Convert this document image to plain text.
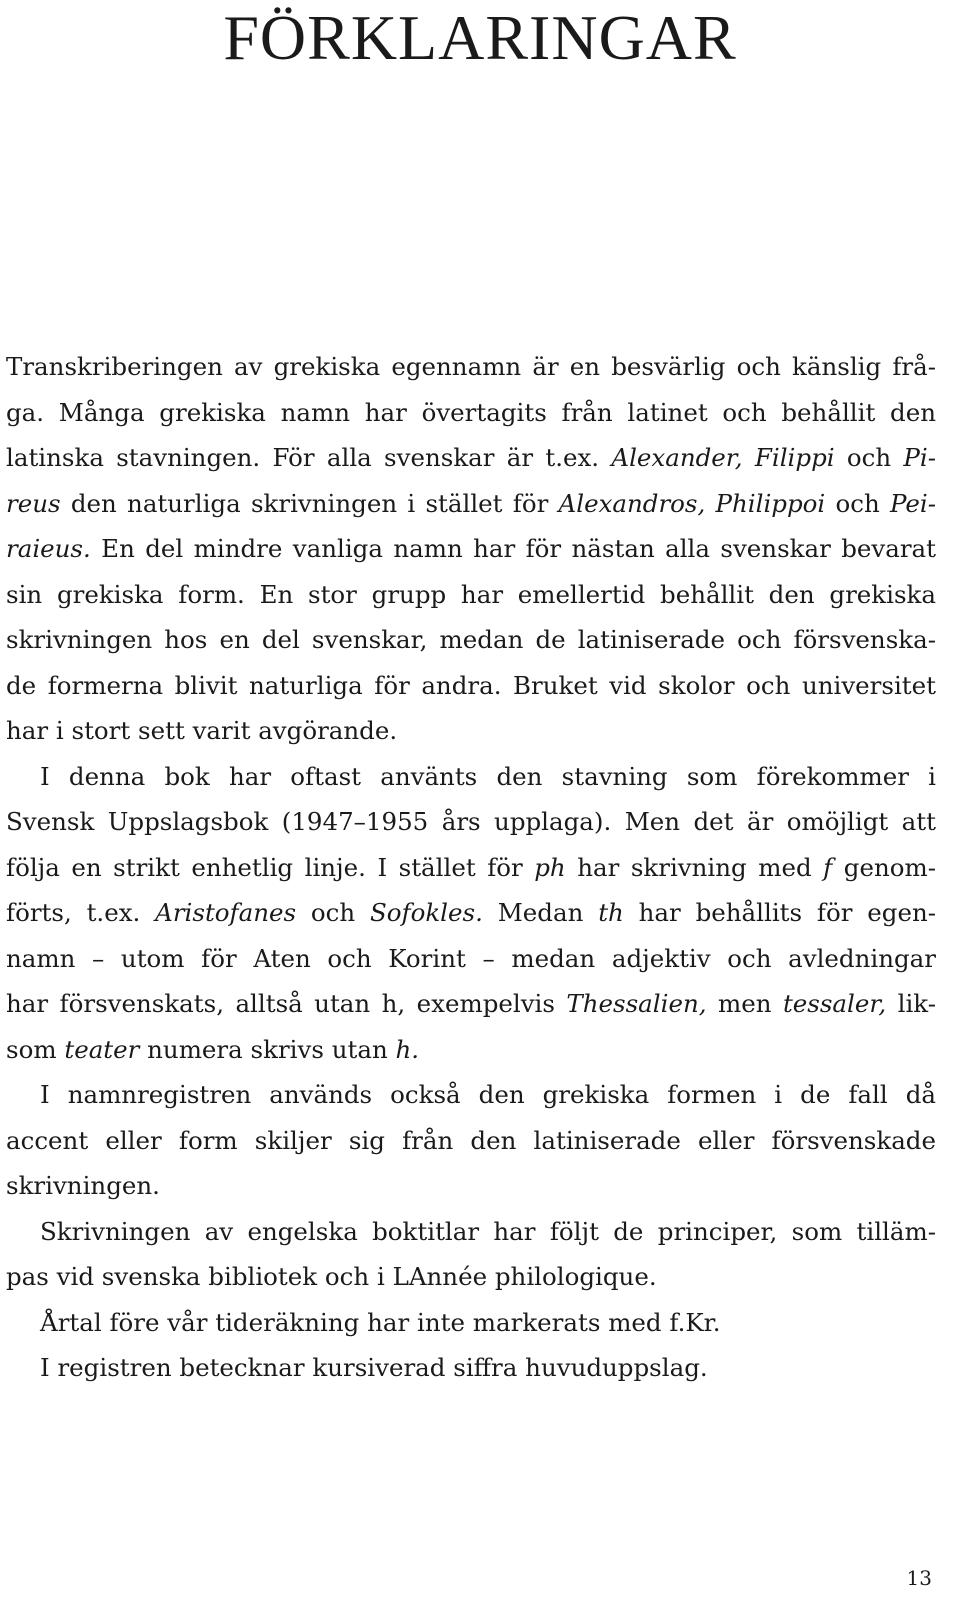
FÖRKLARINGAR
Transkriberingen av grekiska egennamn är en besvärlig och känslig frå-
ga. Många grekiska namn har övertagits från latinet och behållit den
latinska stavningen. För alla svenskar är t.ex. Alexander, Filippi och Pi-
reus den naturliga skrivningen i stället för Alexandros, Philippoi och Pei-
raieus. En del mindre vanliga namn har för nästan alla svenskar bevarat
sin grekiska form. En stor grupp har emellertid behållit den grekiska
skrivningen hos en del svenskar, medan de latiniserade och försvenska-
de formerna blivit naturliga för andra. Bruket vid skolor och universitet
har i stort sett varit avgörande.
I denna bok har oftast använts den stavning som förekommer i
Svensk Uppslagsbok (1947–1955 års upplaga). Men det är omöjligt att
följa en strikt enhetlig linje. I stället för ph har skrivning med f genom-
förts, t.ex. Aristofanes och Sofokles. Medan th har behållits för egen-
namn – utom för Aten och Korint – medan adjektiv och avledningar
har försvenskats, alltså utan h, exempelvis Thessalien, men tessaler, lik-
som teater numera skrivs utan h.
I namnregistren används också den grekiska formen i de fall då
accent eller form skiljer sig från den latiniserade eller försvenskade
skrivningen.
Skrivningen av engelska boktitlar har följt de principer, som tilläm-
pas vid svenska bibliotek och i LAnnée philologique.
Årtal före vår tideräkning har inte markerats med f.Kr.
I registren betecknar kursiverad siffra huvuduppslag.
13
